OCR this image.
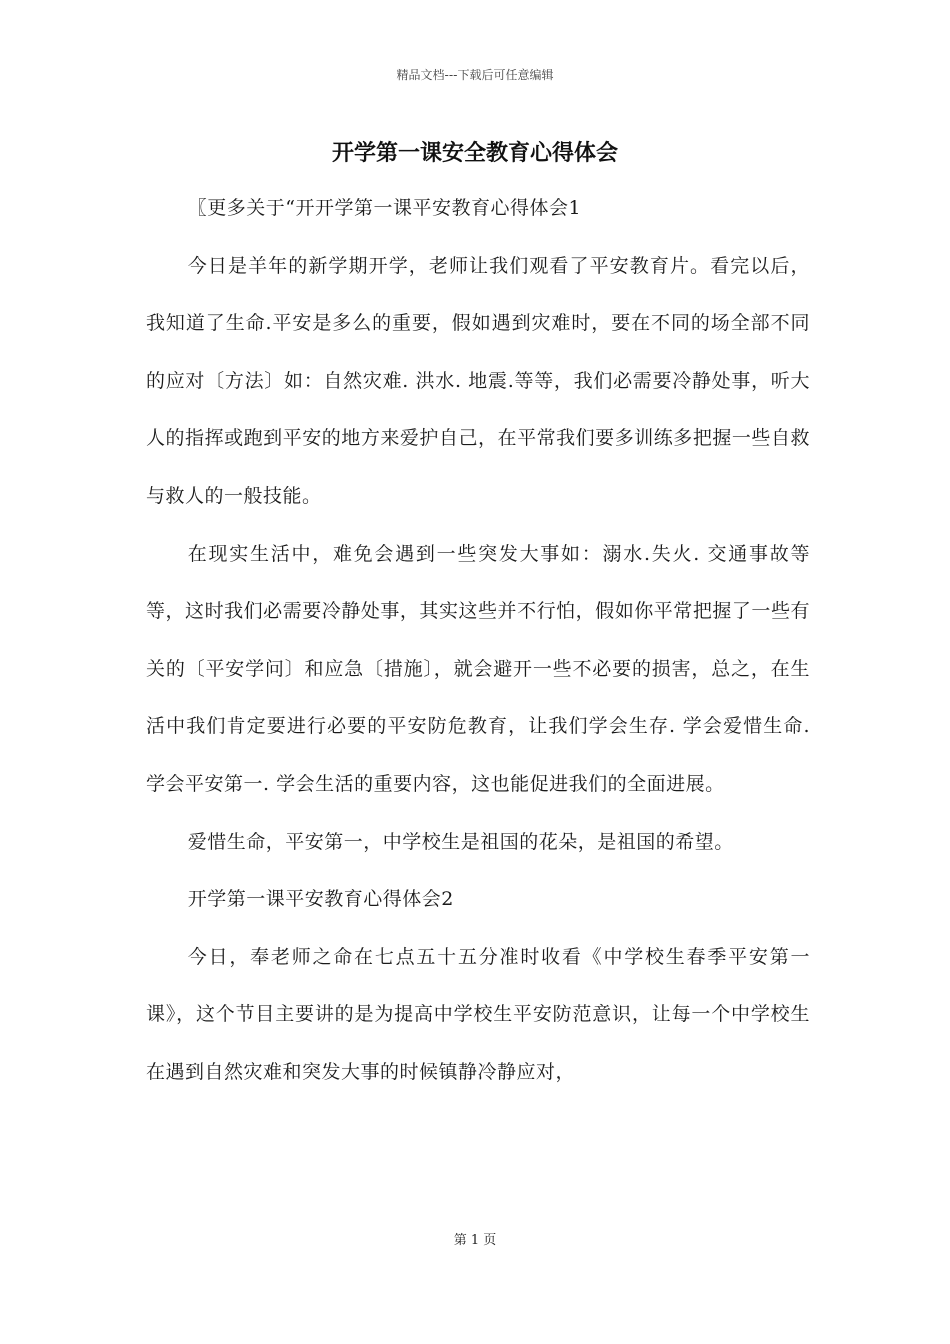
精品文档---下载后可任意编辑
开学第一课安全教育心得体会

〖更多关于“开开学第一课平安教育心得体会1

今日是羊年的新学期开学，老师让我们观看了平安教育片。看完以后，我知道了生命.平安是多么的重要，假如遇到灾难时，要在不同的场全部不同的应对〔方法〕如：自然灾难. 洪水. 地震.等等，我们必需要冷静处事，听大人的指挥或跑到平安的地方来爱护自己，在平常我们要多训练多把握一些自救与救人的一般技能。

在现实生活中，难免会遇到一些突发大事如：溺水.失火. 交通事故等等，这时我们必需要冷静处事，其实这些并不行怕，假如你平常把握了一些有关的〔平安学问〕和应急〔措施〕，就会避开一些不必要的损害，总之，在生活中我们肯定要进行必要的平安防危教育，让我们学会生存. 学会爱惜生命. 学会平安第一. 学会生活的重要内容，这也能促进我们的全面进展。

爱惜生命，平安第一，中学校生是祖国的花朵，是祖国的希望。

开学第一课平安教育心得体会2

今日，奉老师之命在七点五十五分准时收看《中学校生春季平安第一课》，这个节目主要讲的是为提高中学校生平安防范意识，让每一个中学校生在遇到自然灾难和突发大事的时候镇静冷静应对，

第 1 页
